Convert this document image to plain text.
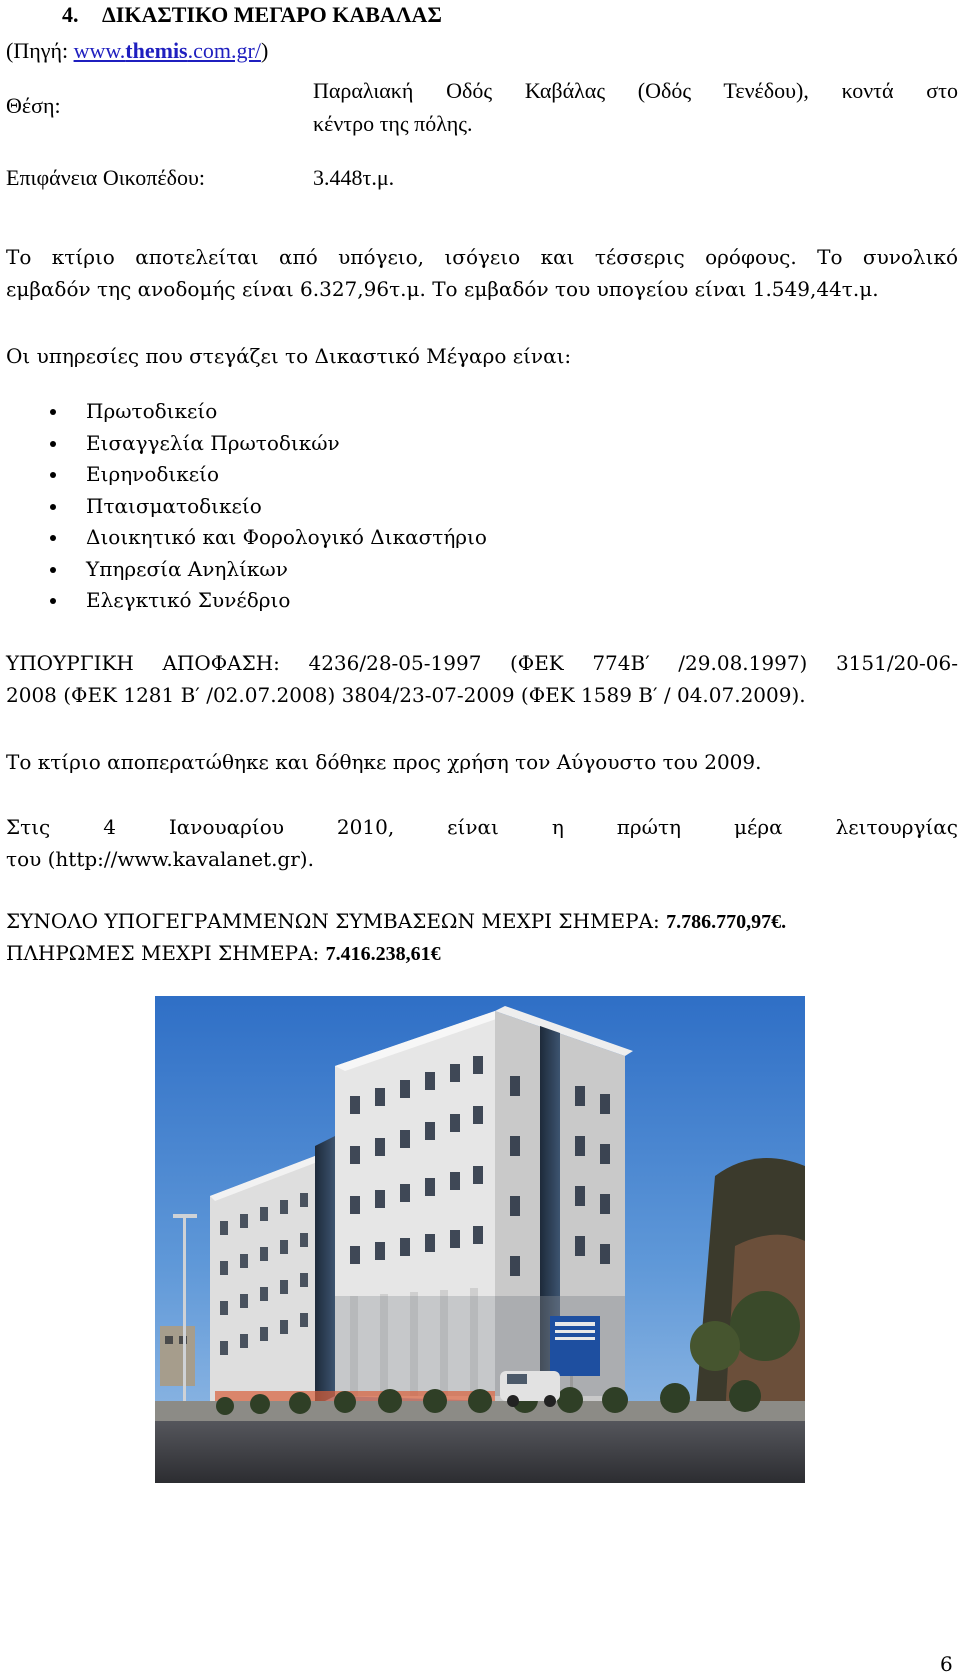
4. ΔΙΚΑΣΤΙΚΟ ΜΕΓΑΡΟ ΚΑΒΑΛΑΣ
(Πηγή: www.themis.com.gr/)
Θέση:
Παραλιακή Οδός Καβάλας (Οδός Τενέδου), κοντά στο
κέντρο της πόλης.
Επιφάνεια Οικοπέδου:	3.448τ.μ.
Το κτίριο αποτελείται από υπόγειο, ισόγειο και τέσσερις ορόφους. Το συνολικό
εμβαδόν της ανοδομής είναι 6.327,96τ.μ. Το εμβαδόν του υπογείου είναι 1.549,44τ.μ.
Οι υπηρεσίες που στεγάζει το Δικαστικό Μέγαρο είναι:
Πρωτοδικείο
Εισαγγελία Πρωτοδικών
Ειρηνοδικείο
Πταισματοδικείο
Διοικητικό και Φορολογικό Δικαστήριο
Υπηρεσία Ανηλίκων
Ελεγκτικό Συνέδριο
ΥΠΟΥΡΓΙΚΗ ΑΠΟΦΑΣΗ: 4236/28-05-1997 (ΦΕΚ 774Β′ /29.08.1997) 3151/20-06-
2008 (ΦΕΚ 1281 Β′ /02.07.2008) 3804/23-07-2009 (ΦΕΚ 1589 Β′ / 04.07.2009).
Το κτίριο αποπερατώθηκε και δόθηκε προς χρήση τον Αύγουστο του 2009.
Στις 4 Ιανουαρίου 2010, είναι η πρώτη μέρα λειτουργίας
του (http://www.kavalanet.gr).
ΣΥΝΟΛΟ ΥΠΟΓΕΓΡΑΜΜΕΝΩΝ ΣΥΜΒΑΣΕΩΝ ΜΕΧΡΙ ΣΗΜΕΡΑ: 7.786.770,97€.
ΠΛΗΡΩΜΕΣ ΜΕΧΡΙ ΣΗΜΕΡΑ: 7.416.238,61€
6
